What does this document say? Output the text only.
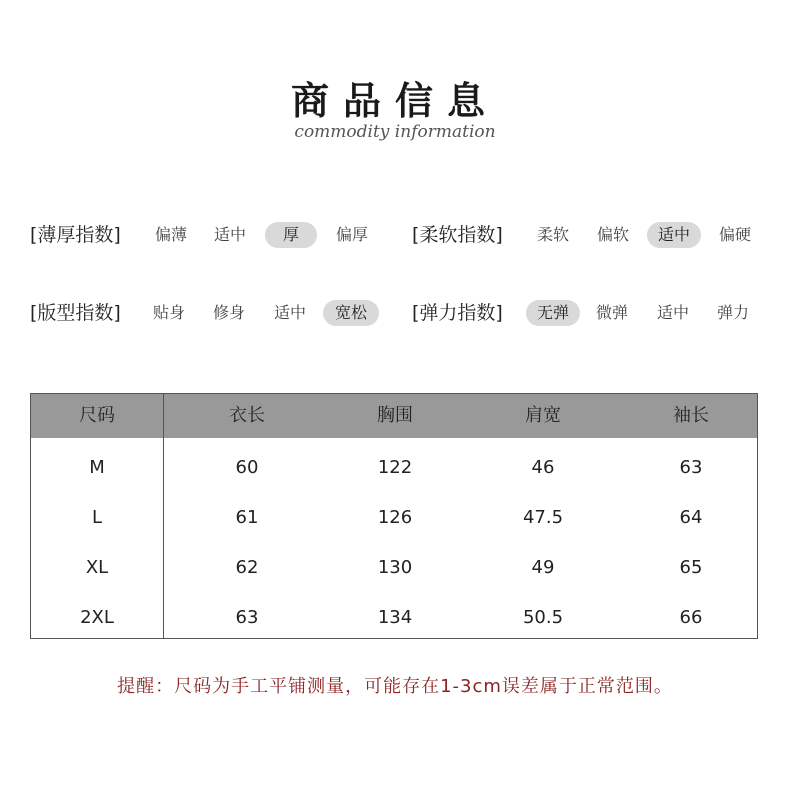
商品信息
commodity information
[薄厚指数]	偏薄	适中	厚	偏厚	[柔软指数]	柔软	偏软	适中	偏硬
[版型指数]	贴身	修身	适中	宽松	[弹力指数]	无弹	微弹	适中	弹力
尺码	衣长	胸围	肩宽	袖长
M	60	122	46	63
L	61	126	47.5	64
XL	62	130	49	65
2XL	63	134	50.5	66
提醒：尺码为手工平铺测量，可能存在1-3cm误差属于正常范围。
